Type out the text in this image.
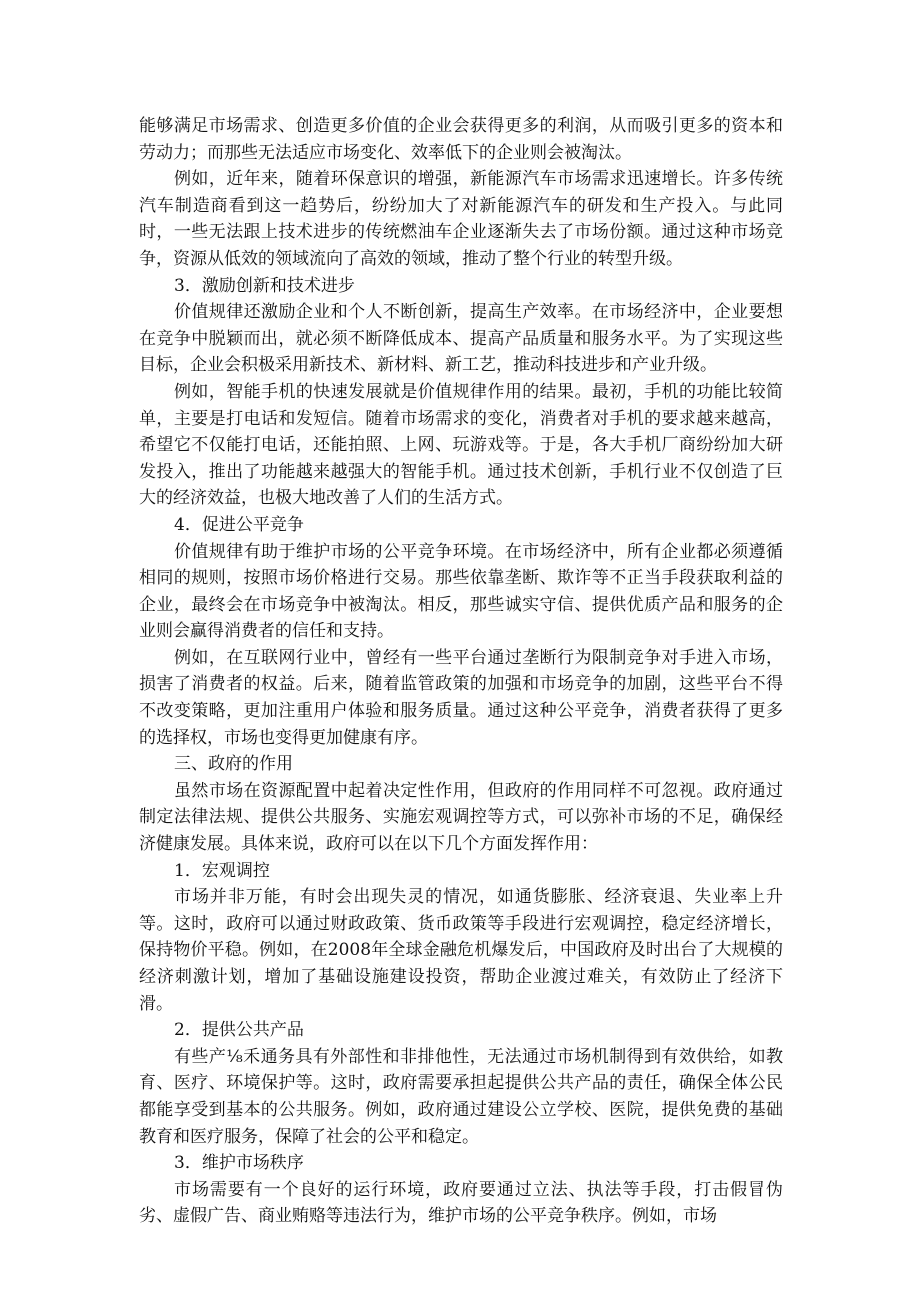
能够满足市场需求、创造更多价值的企业会获得更多的利润，从而吸引更多的资本和劳动力；而那些无法适应市场变化、效率低下的企业则会被淘汰。

例如，近年来，随着环保意识的增强，新能源汽车市场需求迅速增长。许多传统汽车制造商看到这一趋势后，纷纷加大了对新能源汽车的研发和生产投入。与此同时，一些无法跟上技术进步的传统燃油车企业逐渐失去了市场份额。通过这种市场竞争，资源从低效的领域流向了高效的领域，推动了整个行业的转型升级。

3．激励创新和技术进步

价值规律还激励企业和个人不断创新，提高生产效率。在市场经济中，企业要想在竞争中脱颖而出，就必须不断降低成本、提高产品质量和服务水平。为了实现这些目标，企业会积极采用新技术、新材料、新工艺，推动科技进步和产业升级。

例如，智能手机的快速发展就是价值规律作用的结果。最初，手机的功能比较简单，主要是打电话和发短信。随着市场需求的变化，消费者对手机的要求越来越高，希望它不仅能打电话，还能拍照、上网、玩游戏等。于是，各大手机厂商纷纷加大研发投入，推出了功能越来越强大的智能手机。通过技术创新，手机行业不仅创造了巨大的经济效益，也极大地改善了人们的生活方式。

4．促进公平竞争

价值规律有助于维护市场的公平竞争环境。在市场经济中，所有企业都必须遵循相同的规则，按照市场价格进行交易。那些依靠垄断、欺诈等不正当手段获取利益的企业，最终会在市场竞争中被淘汰。相反，那些诚实守信、提供优质产品和服务的企业则会赢得消费者的信任和支持。

例如，在互联网行业中，曾经有一些平台通过垄断行为限制竞争对手进入市场，损害了消费者的权益。后来，随着监管政策的加强和市场竞争的加剧，这些平台不得不改变策略，更加注重用户体验和服务质量。通过这种公平竞争，消费者获得了更多的选择权，市场也变得更加健康有序。

三、政府的作用

虽然市场在资源配置中起着决定性作用，但政府的作用同样不可忽视。政府通过制定法律法规、提供公共服务、实施宏观调控等方式，可以弥补市场的不足，确保经济健康发展。具体来说，政府可以在以下几个方面发挥作用：

1．宏观调控

市场并非万能，有时会出现失灵的情况，如通货膨胀、经济衰退、失业率上升等。这时，政府可以通过财政政策、货币政策等手段进行宏观调控，稳定经济增长，保持物价平稳。例如，在2008年全球金融危机爆发后，中国政府及时出台了大规模的经济刺激计划，增加了基础设施建设投资，帮助企业渡过难关，有效防止了经济下滑。

2．提供公共产品

有些产⅛禾通务具有外部性和非排他性，无法通过市场机制得到有效供给，如教育、医疗、环境保护等。这时，政府需要承担起提供公共产品的责任，确保全体公民都能享受到基本的公共服务。例如，政府通过建设公立学校、医院，提供免费的基础教育和医疗服务，保障了社会的公平和稳定。

3．维护市场秩序

市场需要有一个良好的运行环境，政府要通过立法、执法等手段，打击假冒伪劣、虚假广告、商业贿赂等违法行为，维护市场的公平竞争秩序。例如，市场
